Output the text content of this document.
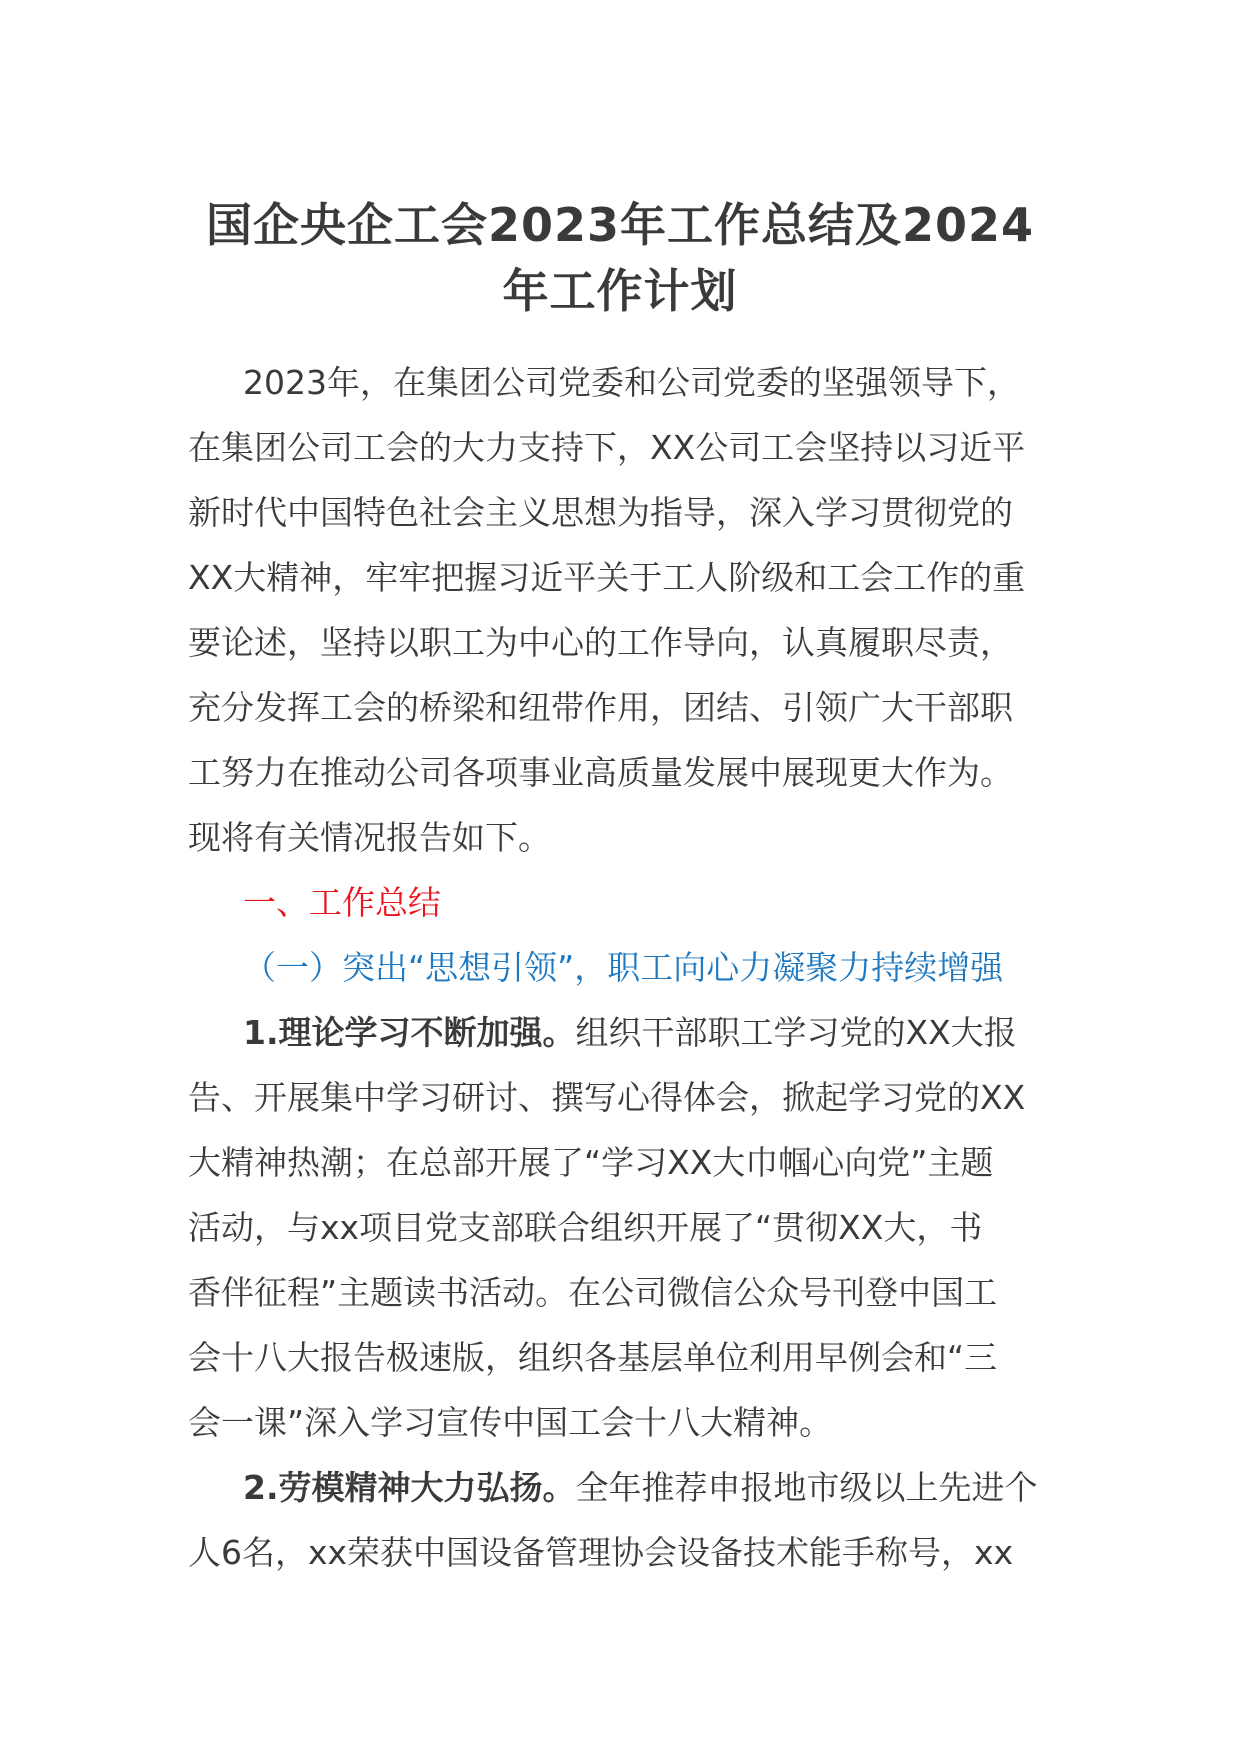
国企央企工会2023年工作总结及2024
年工作计划
2023年，在集团公司党委和公司党委的坚强领导下，
在集团公司工会的大力支持下，XX公司工会坚持以习近平
新时代中国特色社会主义思想为指导，深入学习贯彻党的
XX大精神，牢牢把握习近平关于工人阶级和工会工作的重
要论述，坚持以职工为中心的工作导向，认真履职尽责，
充分发挥工会的桥梁和纽带作用，团结、引领广大干部职
工努力在推动公司各项事业高质量发展中展现更大作为。
现将有关情况报告如下。
一、工作总结
（一）突出“思想引领”，职工向心力凝聚力持续增强
1.理论学习不断加强。组织干部职工学习党的XX大报
告、开展集中学习研讨、撰写心得体会，掀起学习党的XX
大精神热潮；在总部开展了“学习XX大巾帼心向党”主题
活动，与xx项目党支部联合组织开展了“贯彻XX大，书
香伴征程”主题读书活动。在公司微信公众号刊登中国工
会十八大报告极速版，组织各基层单位利用早例会和“三
会一课”深入学习宣传中国工会十八大精神。
2.劳模精神大力弘扬。全年推荐申报地市级以上先进个
人6名，xx荣获中国设备管理协会设备技术能手称号，xx
